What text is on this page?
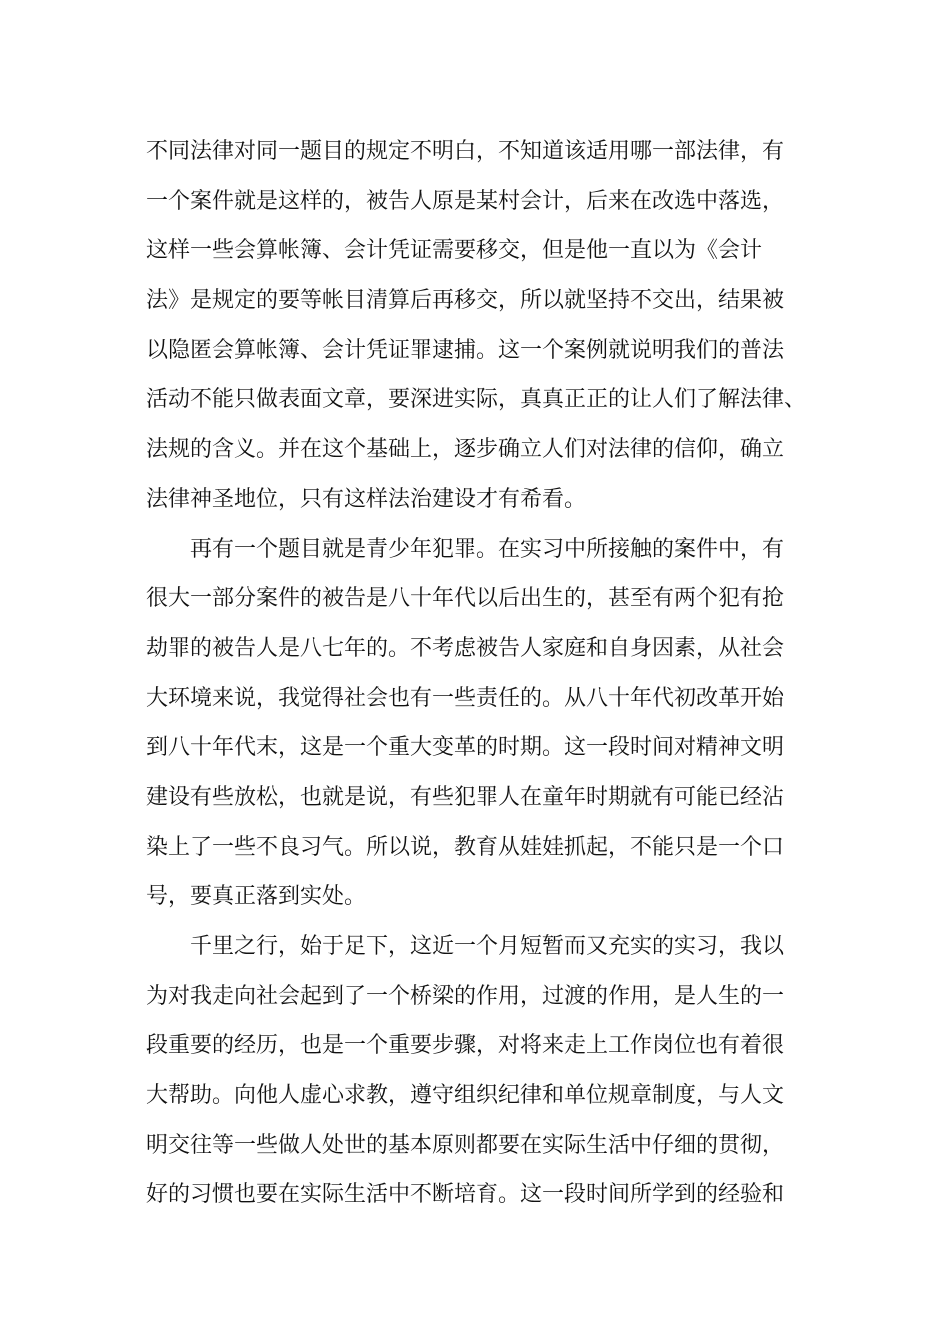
不同法律对同一题目的规定不明白，不知道该适用哪一部法律，有
一个案件就是这样的，被告人原是某村会计，后来在改选中落选，
这样一些会算帐簿、会计凭证需要移交，但是他一直以为《会计
法》是规定的要等帐目清算后再移交，所以就坚持不交出，结果被
以隐匿会算帐簿、会计凭证罪逮捕。这一个案例就说明我们的普法
活动不能只做表面文章，要深进实际，真真正正的让人们了解法律、
法规的含义。并在这个基础上，逐步确立人们对法律的信仰，确立
法律神圣地位，只有这样法治建设才有希看。
再有一个题目就是青少年犯罪。在实习中所接触的案件中，有
很大一部分案件的被告是八十年代以后出生的，甚至有两个犯有抢
劫罪的被告人是八七年的。不考虑被告人家庭和自身因素，从社会
大环境来说，我觉得社会也有一些责任的。从八十年代初改革开始
到八十年代末，这是一个重大变革的时期。这一段时间对精神文明
建设有些放松，也就是说，有些犯罪人在童年时期就有可能已经沾
染上了一些不良习气。所以说，教育从娃娃抓起，不能只是一个口
号，要真正落到实处。
千里之行，始于足下，这近一个月短暂而又充实的实习，我以
为对我走向社会起到了一个桥梁的作用，过渡的作用，是人生的一
段重要的经历，也是一个重要步骤，对将来走上工作岗位也有着很
大帮助。向他人虚心求教，遵守组织纪律和单位规章制度，与人文
明交往等一些做人处世的基本原则都要在实际生活中仔细的贯彻，
好的习惯也要在实际生活中不断培育。这一段时间所学到的经验和
